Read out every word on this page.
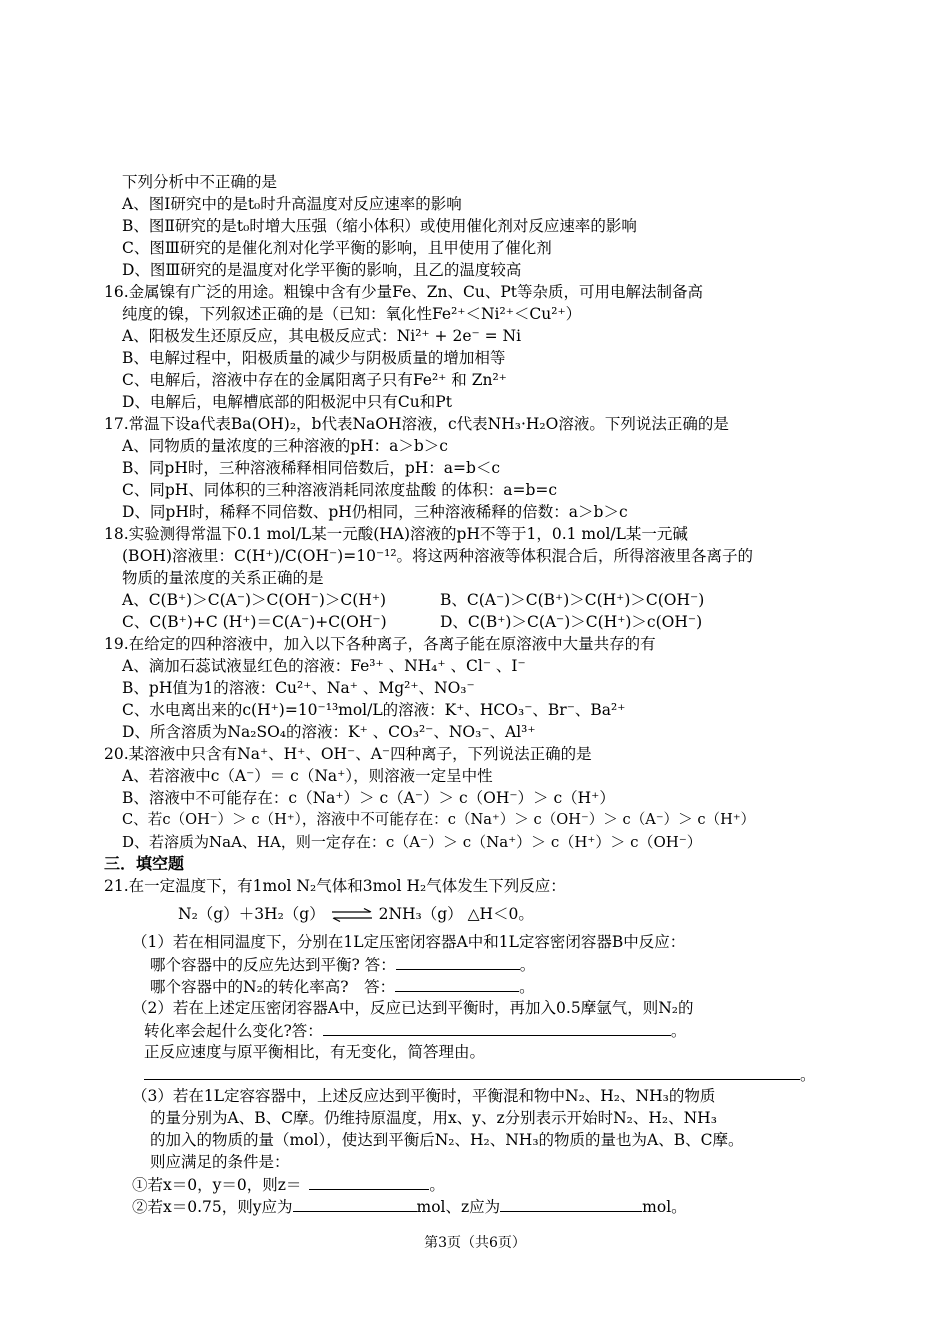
下列分析中不正确的是
A、图Ⅰ研究中的是t₀时升高温度对反应速率的影响
B、图Ⅱ研究的是t₀时增大压强（缩小体积）或使用催化剂对反应速率的影响
C、图Ⅲ研究的是催化剂对化学平衡的影响，且甲使用了催化剂
D、图Ⅲ研究的是温度对化学平衡的影响，且乙的温度较高
16.金属镍有广泛的用途。粗镍中含有少量Fe、Zn、Cu、Pt等杂质，可用电解法制备高
纯度的镍，下列叙述正确的是（已知：氧化性Fe²⁺＜Ni²⁺＜Cu²⁺）
A、阳极发生还原反应，其电极反应式：Ni²⁺ + 2e⁻ = Ni
B、电解过程中，阳极质量的减少与阴极质量的增加相等
C、电解后，溶液中存在的金属阳离子只有Fe²⁺ 和 Zn²⁺
D、电解后，电解槽底部的阳极泥中只有Cu和Pt
17.常温下设a代表Ba(OH)₂，b代表NaOH溶液，c代表NH₃·H₂O溶液。下列说法正确的是
A、同物质的量浓度的三种溶液的pH：a＞b＞c
B、同pH时，三种溶液稀释相同倍数后，pH：a=b＜c
C、同pH、同体积的三种溶液消耗同浓度盐酸 的体积：a=b=c
D、同pH时，稀释不同倍数、pH仍相同，三种溶液稀释的倍数：a＞b＞c
18.实验测得常温下0.1 mol/L某一元酸(HA)溶液的pH不等于1，0.1 mol/L某一元碱
(BOH)溶液里：C(H⁺)/C(OH⁻)=10⁻¹²。将这两种溶液等体积混合后，所得溶液里各离子的
物质的量浓度的关系正确的是
A、C(B⁺)＞C(A⁻)＞C(OH⁻)＞C(H⁺)	B、C(A⁻)＞C(B⁺)＞C(H⁺)＞C(OH⁻)
C、C(B⁺)+C (H⁺)＝C(A⁻)+C(OH⁻)	D、C(B⁺)＞C(A⁻)＞C(H⁺)＞c(OH⁻)
19.在给定的四种溶液中，加入以下各种离子，各离子能在原溶液中大量共存的有
A、滴加石蕊试液显红色的溶液：Fe³⁺ 、NH₄⁺ 、Cl⁻ 、I⁻
B、pH值为1的溶液：Cu²⁺、Na⁺ 、Mg²⁺、NO₃⁻
C、水电离出来的c(H⁺)=10⁻¹³mol/L的溶液：K⁺、HCO₃⁻、Br⁻、Ba²⁺
D、所含溶质为Na₂SO₄的溶液：K⁺ 、CO₃²⁻、NO₃⁻、Al³⁺
20.某溶液中只含有Na⁺、H⁺、OH⁻、A⁻四种离子，下列说法正确的是
A、若溶液中c（A⁻）＝ c（Na⁺），则溶液一定呈中性
B、溶液中不可能存在：c（Na⁺）＞ c（A⁻）＞ c（OH⁻）＞ c（H⁺）
C、若c（OH⁻）＞ c（H⁺），溶液中不可能存在：c（Na⁺）＞ c（OH⁻）＞ c（A⁻）＞ c（H⁺）
D、若溶质为NaA、HA，则一定存在：c（A⁻）＞ c（Na⁺）＞ c（H⁺）＞ c（OH⁻）
三．填空题
21.在一定温度下，有1mol N₂气体和3mol H₂气体发生下列反应：
N₂（g）＋3H₂（g） ⇌ 2NH₃（g） △H＜0。
（1）若在相同温度下，分别在1L定压密闭容器A中和1L定容密闭容器B中反应：
哪个容器中的反应先达到平衡? 答：	。
哪个容器中的N₂的转化率高?　答：	。
（2）若在上述定压密闭容器A中，反应已达到平衡时，再加入0.5摩氩气，则N₂的
转化率会起什么变化?答：	。
正反应速度与原平衡相比，有无变化，简答理由。
。
（3）若在1L定容容器中，上述反应达到平衡时，平衡混和物中N₂、H₂、NH₃的物质
的量分别为A、B、C摩。仍维持原温度，用x、y、z分别表示开始时N₂、H₂、NH₃
的加入的物质的量（mol），使达到平衡后N₂、H₂、NH₃的物质的量也为A、B、C摩。
则应满足的条件是：
①若x＝0，y＝0，则z＝	。
②若x＝0.75，则y应为	mol、z应为	mol。
第3页（共6页）
